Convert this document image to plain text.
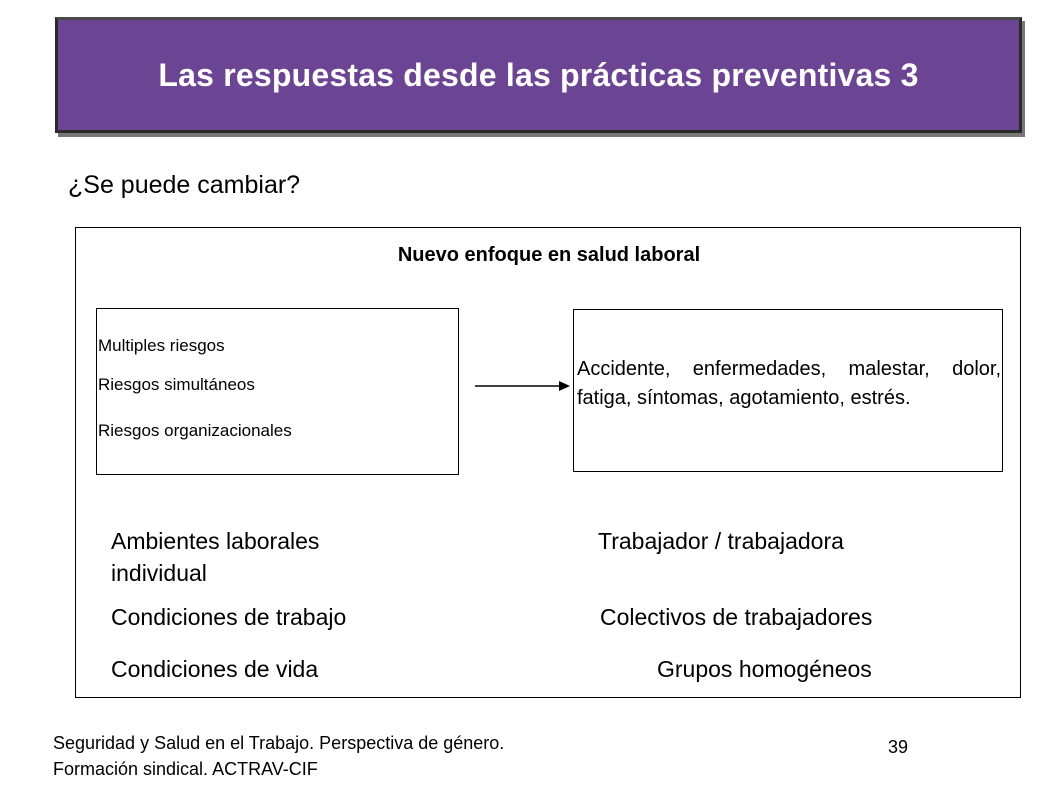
Las respuestas desde las prácticas preventivas 3
¿Se puede cambiar?
Nuevo enfoque en salud laboral
Multiples riesgos
Riesgos simultáneos
Riesgos organizacionales
Accidente, enfermedades, malestar, dolor, fatiga, síntomas, agotamiento, estrés.
Ambientes laborales	Trabajador / trabajadora
individual
Condiciones de trabajo	Colectivos de trabajadores
Condiciones de vida	Grupos homogéneos
Seguridad y Salud en el Trabajo. Perspectiva de género.
Formación sindical. ACTRAV-CIF
39
